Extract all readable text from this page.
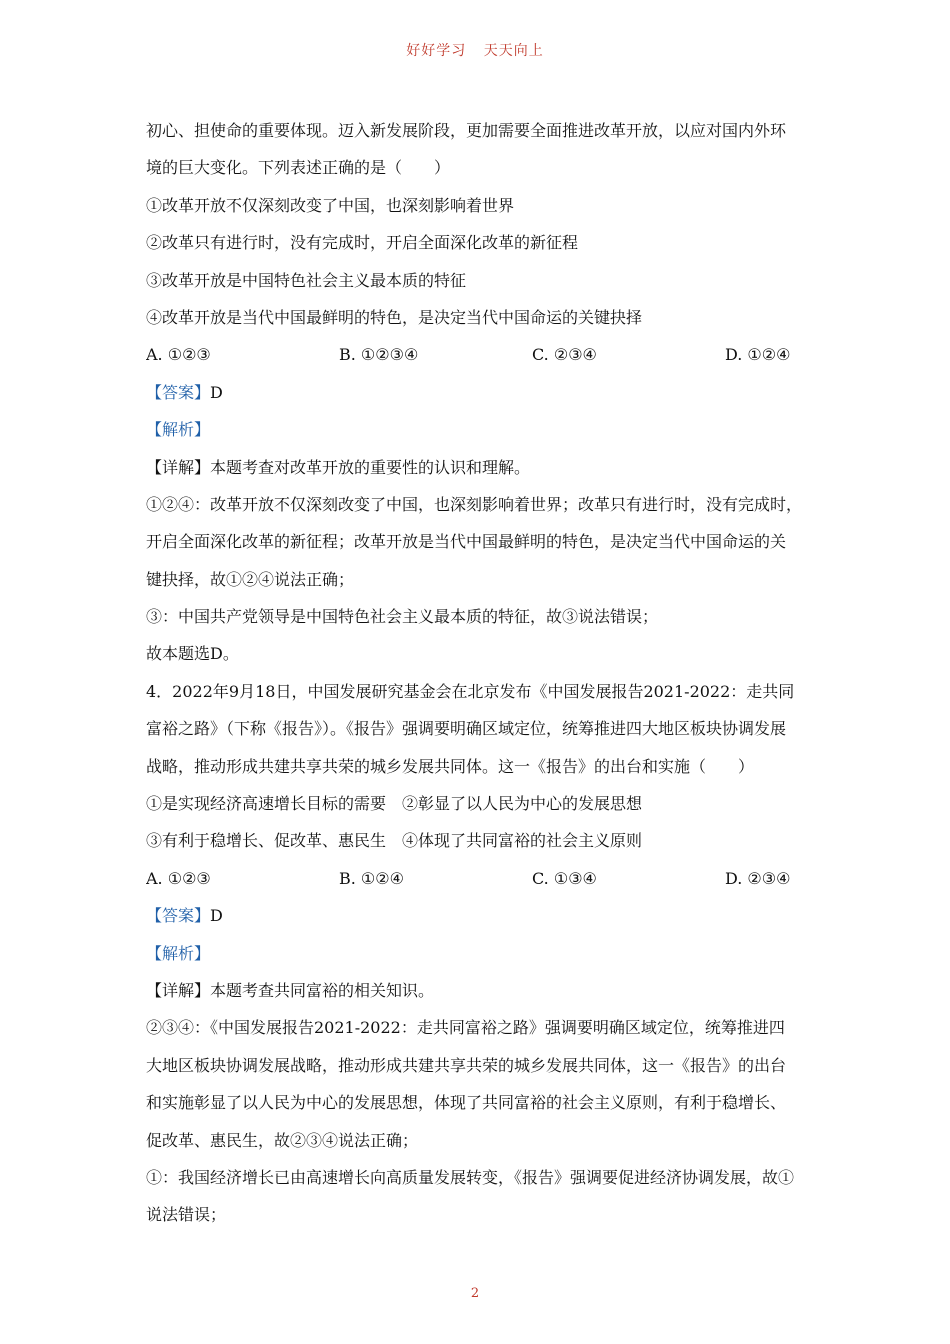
好好学习 天天向上
初心、担使命的重要体现。迈入新发展阶段，更加需要全面推进改革开放，以应对国内外环
境的巨大变化。下列表述正确的是（　　）
①改革开放不仅深刻改变了中国，也深刻影响着世界
②改革只有进行时，没有完成时，开启全面深化改革的新征程
③改革开放是中国特色社会主义最本质的特征
④改革开放是当代中国最鲜明的特色，是决定当代中国命运的关键抉择
A. ①②③	B. ①②③④	C. ②③④	D. ①②④
【答案】D
【解析】
【详解】本题考查对改革开放的重要性的认识和理解。
①②④：改革开放不仅深刻改变了中国，也深刻影响着世界；改革只有进行时，没有完成时，
开启全面深化改革的新征程；改革开放是当代中国最鲜明的特色，是决定当代中国命运的关
键抉择，故①②④说法正确；
③：中国共产党领导是中国特色社会主义最本质的特征，故③说法错误；
故本题选D。
4．2022年9月18日，中国发展研究基金会在北京发布《中国发展报告2021-2022：走共同
富裕之路》（下称《报告》）。《报告》强调要明确区域定位，统筹推进四大地区板块协调发展
战略，推动形成共建共享共荣的城乡发展共同体。这一《报告》的出台和实施（　　）
①是实现经济高速增长目标的需要　②彰显了以人民为中心的发展思想
③有利于稳增长、促改革、惠民生　④体现了共同富裕的社会主义原则
A. ①②③	B. ①②④	C. ①③④	D. ②③④
【答案】D
【解析】
【详解】本题考查共同富裕的相关知识。
②③④：《中国发展报告2021-2022：走共同富裕之路》强调要明确区域定位，统筹推进四
大地区板块协调发展战略，推动形成共建共享共荣的城乡发展共同体，这一《报告》的出台
和实施彰显了以人民为中心的发展思想，体现了共同富裕的社会主义原则，有利于稳增长、
促改革、惠民生，故②③④说法正确；
①：我国经济增长已由高速增长向高质量发展转变，《报告》强调要促进经济协调发展，故①
说法错误；
2
